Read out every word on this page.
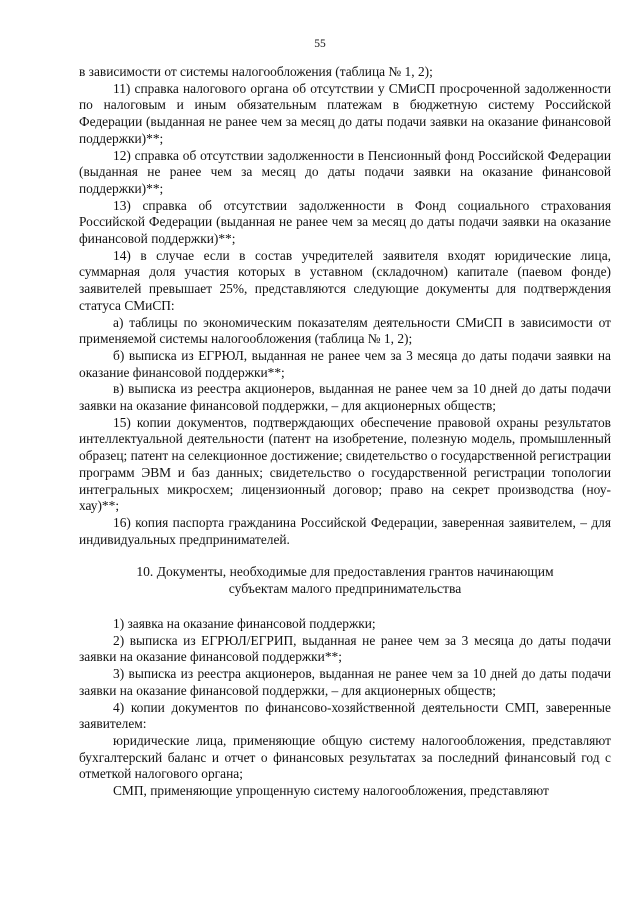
55

в зависимости от системы налогообложения (таблица № 1, 2);

11) справка налогового органа об отсутствии у СМиСП просроченной задолженности по налоговым и иным обязательным платежам в бюджетную систему Российской Федерации (выданная не ранее чем за месяц до даты подачи заявки на оказание финансовой поддержки)**;

12) справка об отсутствии задолженности в Пенсионный фонд Российской Федерации (выданная не ранее чем за месяц до даты подачи заявки на оказание финансовой поддержки)**;

13) справка об отсутствии задолженности в Фонд социального страхования Российской Федерации (выданная не ранее чем за месяц до даты подачи заявки на оказание финансовой поддержки)**;

14) в случае если в состав учредителей заявителя входят юридические лица, суммарная доля участия которых в уставном (складочном) капитале (паевом фонде) заявителей превышает 25%, представляются следующие документы для подтверждения статуса СМиСП:

а) таблицы по экономическим показателям деятельности СМиСП в зависимости от применяемой системы налогообложения (таблица № 1, 2);

б) выписка из ЕГРЮЛ, выданная не ранее чем за 3 месяца до даты подачи заявки на оказание финансовой поддержки**;

в) выписка из реестра акционеров, выданная не ранее чем за 10 дней до даты подачи заявки на оказание финансовой поддержки, – для акционерных обществ;

15) копии документов, подтверждающих обеспечение правовой охраны результатов интеллектуальной деятельности (патент на изобретение, полезную модель, промышленный образец; патент на селекционное достижение; свидетельство о государственной регистрации программ ЭВМ и баз данных; свидетельство о государственной регистрации топологии интегральных микросхем; лицензионный договор; право на секрет производства (ноу-хау)**;

16) копия паспорта гражданина Российской Федерации, заверенная заявителем, – для индивидуальных предпринимателей.

10. Документы, необходимые для предоставления грантов начинающим

субъектам малого предпринимательства

1) заявка на оказание финансовой поддержки;

2) выписка из ЕГРЮЛ/ЕГРИП, выданная не ранее чем за 3 месяца до даты подачи заявки на оказание финансовой поддержки**;

3) выписка из реестра акционеров, выданная не ранее чем за 10 дней до даты подачи заявки на оказание финансовой поддержки, – для акционерных обществ;

4) копии документов по финансово-хозяйственной деятельности СМП, заверенные заявителем:

юридические лица, применяющие общую систему налогообложения, представляют бухгалтерский баланс и отчет о финансовых результатах за последний финансовый год с отметкой налогового органа;

СМП, применяющие упрощенную систему налогообложения, представляют
